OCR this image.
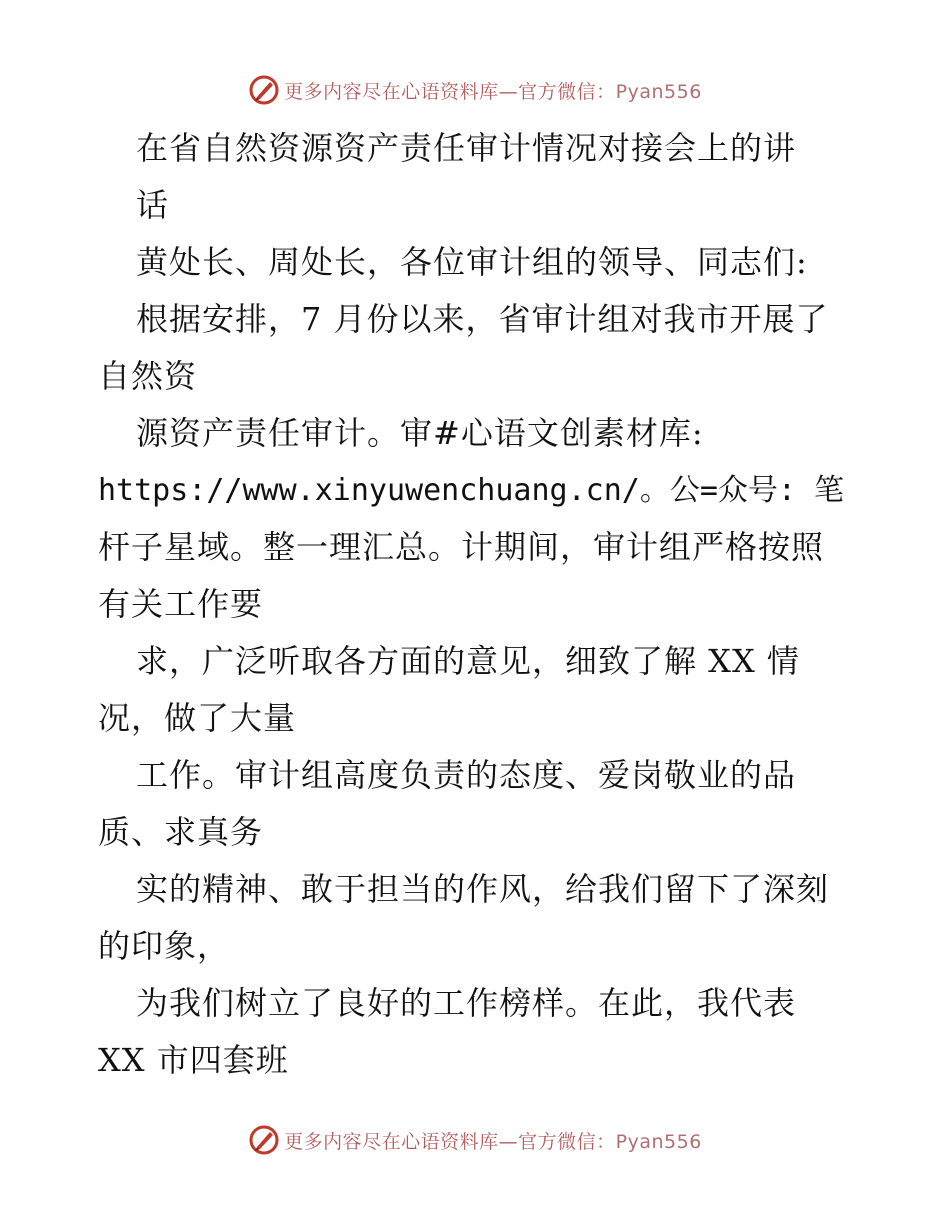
更多内容尽在心语资料库—官方微信：Pyan556
在省自然资源资产责任审计情况对接会上的讲
话
黄处长、周处长，各位审计组的领导、同志们:
根据安排，7 月份以来，省审计组对我市开展了
自然资
源资产责任审计。审#心语文创素材库:
https://www.xinyuwenchuang.cn/。公=众号: 笔
杆子星域。整一理汇总。计期间，审计组严格按照
有关工作要
求，广泛听取各方面的意见，细致了解 XX 情
况，做了大量
工作。审计组高度负责的态度、爱岗敬业的品
质、求真务
实的精神、敢于担当的作风，给我们留下了深刻
的印象，
为我们树立了良好的工作榜样。在此，我代表
XX 市四套班
更多内容尽在心语资料库—官方微信：Pyan556
